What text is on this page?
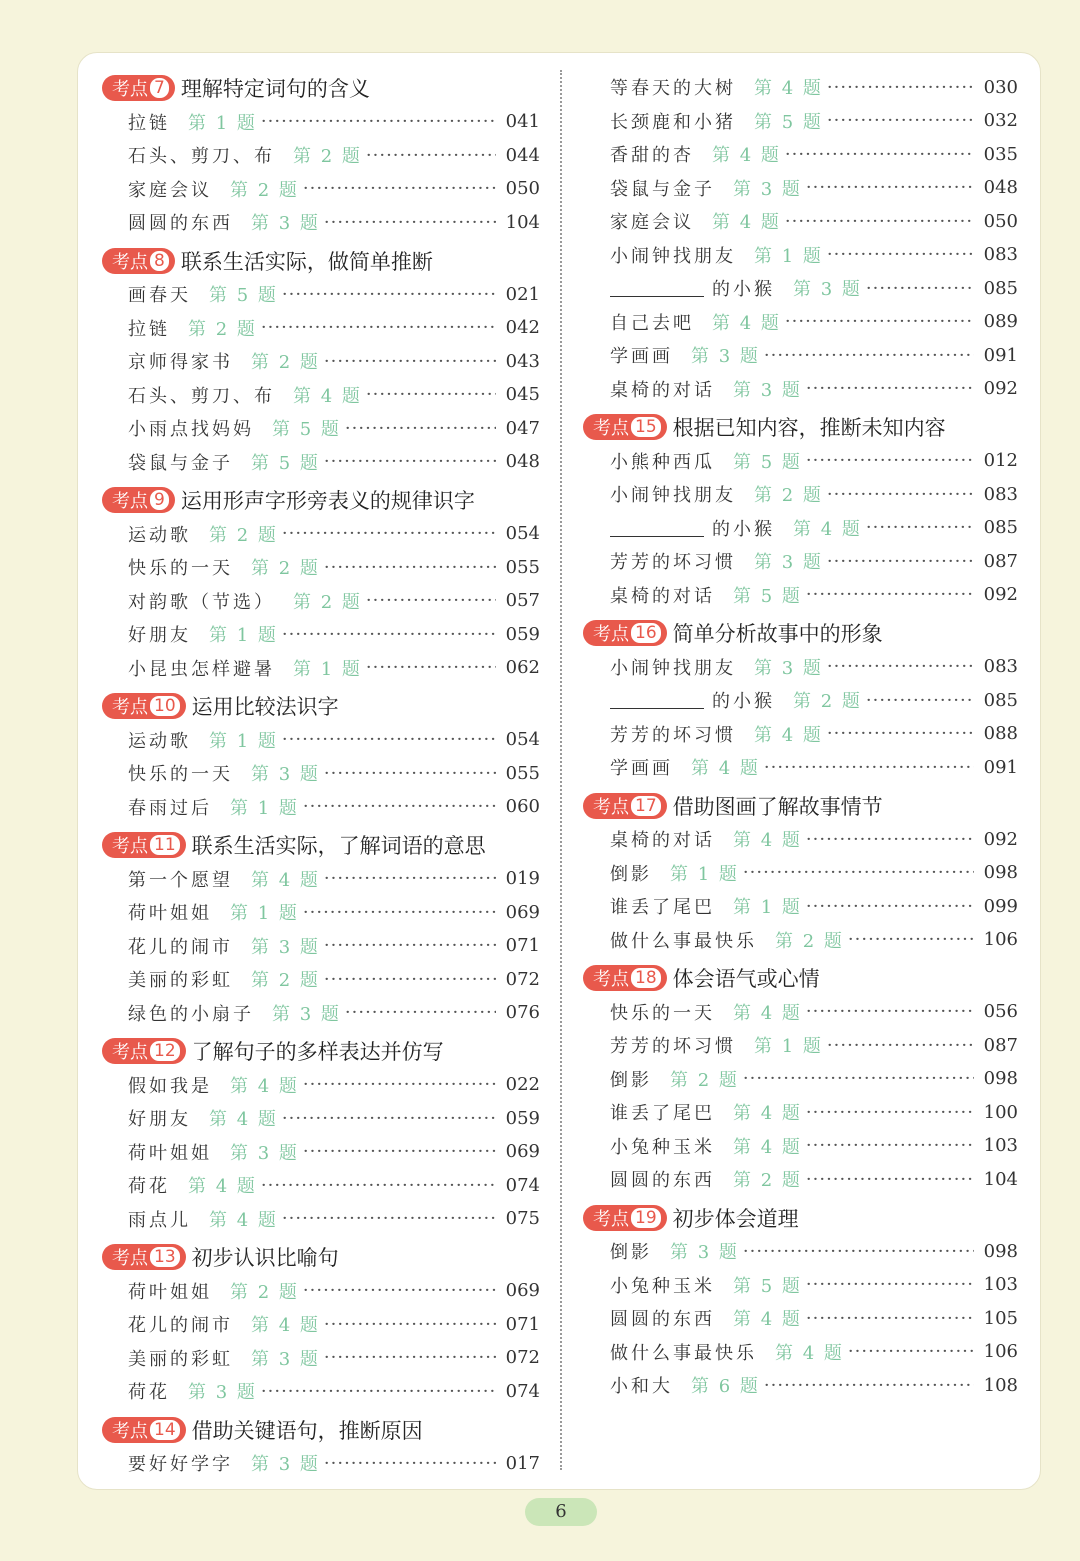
考点 7 理解特定词句的含义
拉链 第 1 题 ·····	041
石头、剪刀、布 第 2 题 ·····	044
家庭会议 第 2 题 ·····	050
圆圆的东西 第 3 题 ·····	104
考点 8 联系生活实际，做简单推断
画春天 第 5 题 ·····	021
拉链 第 2 题 ·····	042
京师得家书 第 2 题 ·····	043
石头、剪刀、布 第 4 题 ·····	045
小雨点找妈妈 第 5 题 ·····	047
袋鼠与金子 第 5 题 ·····	048
考点 9 运用形声字形旁表义的规律识字
运动歌 第 2 题 ·····	054
快乐的一天 第 2 题 ·····	055
对韵歌（节选） 第 2 题 ·····	057
好朋友 第 1 题 ·····	059
小昆虫怎样避暑 第 1 题 ·····	062
考点 10 运用比较法识字
运动歌 第 1 题 ·····	054
快乐的一天 第 3 题 ·····	055
春雨过后 第 1 题 ·····	060
考点 11 联系生活实际，了解词语的意思
第一个愿望 第 4 题 ·····	019
荷叶姐姐 第 1 题 ·····	069
花儿的闹市 第 3 题 ·····	071
美丽的彩虹 第 2 题 ·····	072
绿色的小扇子 第 3 题 ·····	076
考点 12 了解句子的多样表达并仿写
假如我是 第 4 题 ·····	022
好朋友 第 4 题 ·····	059
荷叶姐姐 第 3 题 ·····	069
荷花 第 4 题 ·····	074
雨点儿 第 4 题 ·····	075
考点 13 初步认识比喻句
荷叶姐姐 第 2 题 ·····	069
花儿的闹市 第 4 题 ·····	071
美丽的彩虹 第 3 题 ·····	072
荷花 第 3 题 ·····	074
考点 14 借助关键语句，推断原因
要好好学字 第 3 题 ·····	017
等春天的大树 第 4 题 ·····	030
长颈鹿和小猪 第 5 题 ·····	032
香甜的杏 第 4 题 ·····	035
袋鼠与金子 第 3 题 ·····	048
家庭会议 第 4 题 ·····	050
小闹钟找朋友 第 1 题 ·····	083
的小猴 第 3 题 ·····	085
自己去吧 第 4 题 ·····	089
学画画 第 3 题 ·····	091
桌椅的对话 第 3 题 ·····	092
考点 15 根据已知内容，推断未知内容
小熊种西瓜 第 5 题 ·····	012
小闹钟找朋友 第 2 题 ·····	083
的小猴 第 4 题 ·····	085
芳芳的坏习惯 第 3 题 ·····	087
桌椅的对话 第 5 题 ·····	092
考点 16 简单分析故事中的形象
小闹钟找朋友 第 3 题 ·····	083
的小猴 第 2 题 ·····	085
芳芳的坏习惯 第 4 题 ·····	088
学画画 第 4 题 ·····	091
考点 17 借助图画了解故事情节
桌椅的对话 第 4 题 ·····	092
倒影 第 1 题 ·····	098
谁丢了尾巴 第 1 题 ·····	099
做什么事最快乐 第 2 题 ·····	106
考点 18 体会语气或心情
快乐的一天 第 4 题 ·····	056
芳芳的坏习惯 第 1 题 ·····	087
倒影 第 2 题 ·····	098
谁丢了尾巴 第 4 题 ·····	100
小兔种玉米 第 4 题 ·····	103
圆圆的东西 第 2 题 ·····	104
考点 19 初步体会道理
倒影 第 3 题 ·····	098
小兔种玉米 第 5 题 ·····	103
圆圆的东西 第 4 题 ·····	105
做什么事最快乐 第 4 题 ·····	106
小和大 第 6 题 ·····	108
6
